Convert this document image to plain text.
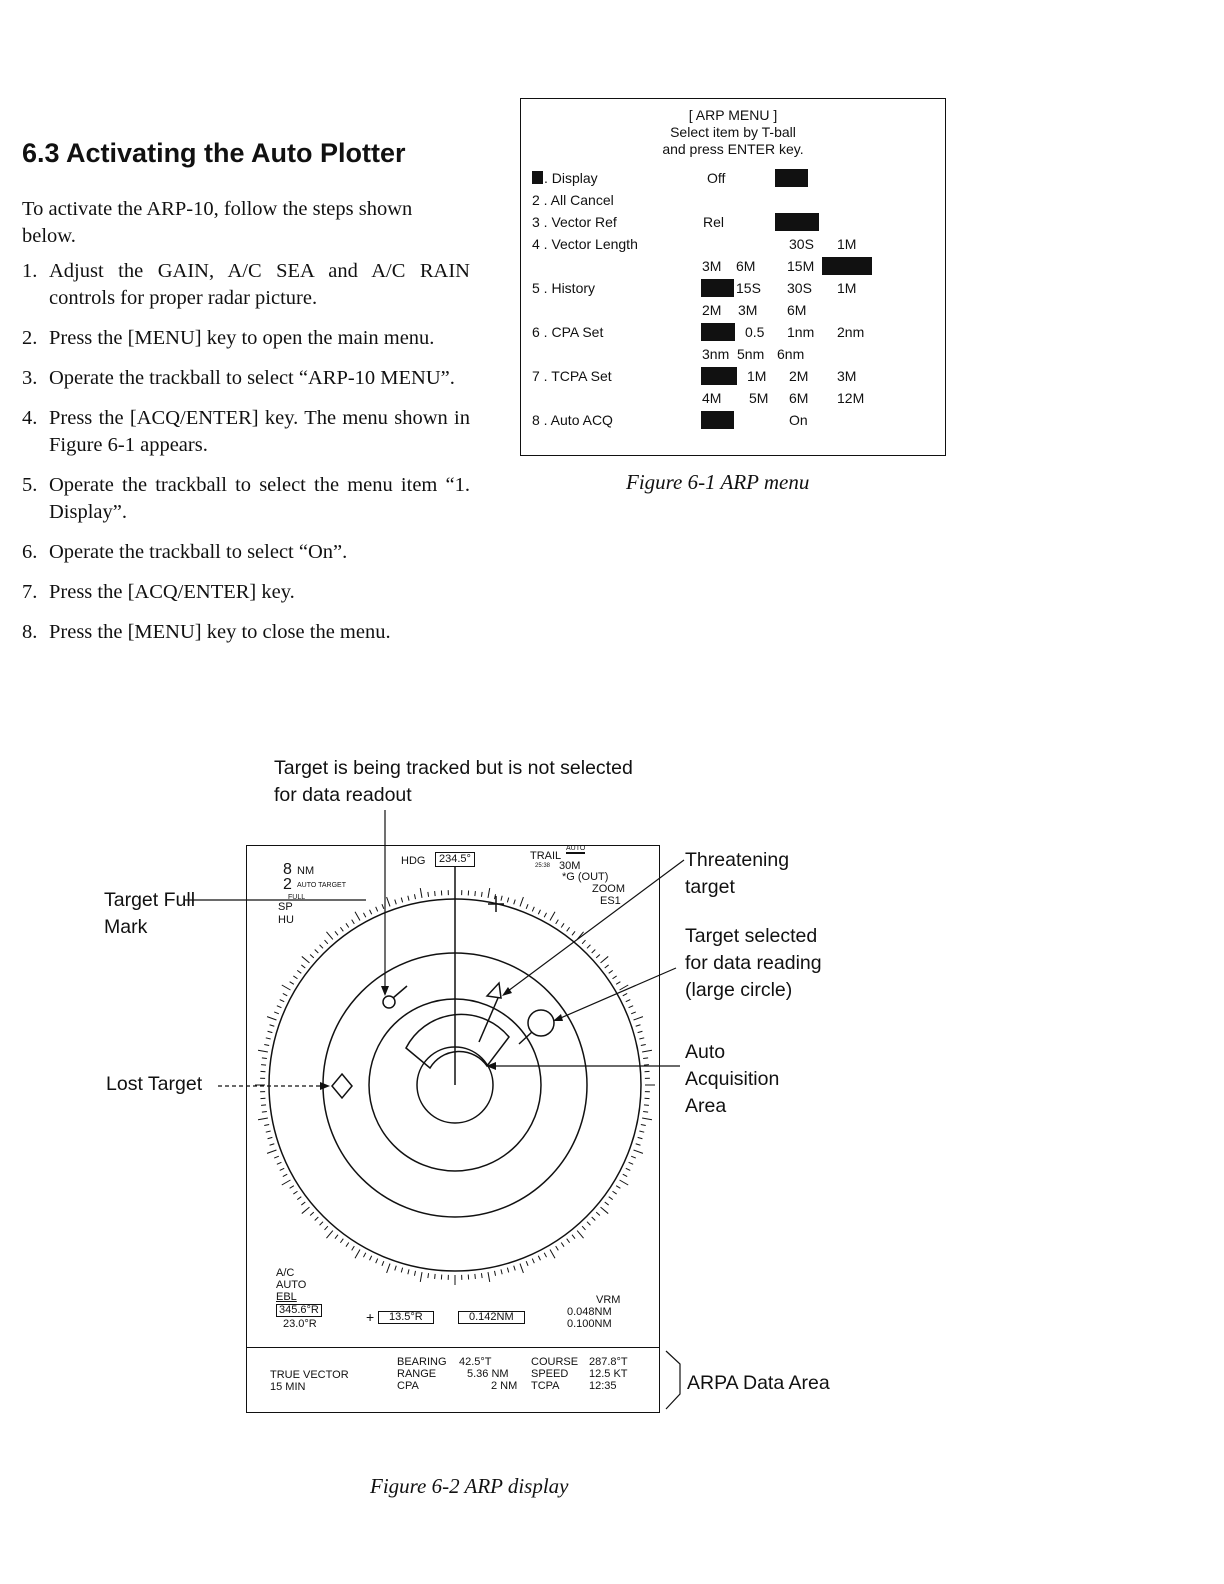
6.3 Activating the Auto Plotter
To activate the ARP-10, follow the steps shown below.
1. Adjust the GAIN, A/C SEA and A/C RAIN controls for proper radar picture.
2. Press the [MENU] key to open the main menu.
3. Operate the trackball to select “ARP-10 MENU”.
4. Press the [ACQ/ENTER] key. The menu shown in Figure 6-1 appears.
5. Operate the trackball to select the menu item “1. Display”.
6. Operate the trackball to select “On”.
7. Press the [ACQ/ENTER] key.
8. Press the [MENU] key to close the menu.
[ ARP MENU ]
Select item by T-ball
and press ENTER key.
. Display	Off
2 . All Cancel
3 . Vector Ref	Rel
4 . Vector Length	30S 1M
3M 6M 15M
5 . History	15S 30S 1M
2M 3M 6M
6 . CPA Set	0.5 1nm 2nm
3nm 5nm 6nm
7 . TCPA Set	1M 2M 3M
4M 5M 6M 12M
8 . Auto ACQ	On
Figure 6-1 ARP menu
Target is being tracked but is not selected
for data readout
Target Full
Mark
Lost Target
Threatening
target
Target selected
for data reading
(large circle)
Auto
Acquisition
Area
ARPA Data Area
8 NM
2 AUTO TARGET
FULL
SP
HU
HDG	234.5°	TRAIL
AUTO
25:38 30M
*G (OUT)
ZOOM
ES1
A/C
AUTO
EBL
345.6°R
23.0°R	+	13.5°R	0.142NM
VRM
0.048NM
0.100NM
TRUE VECTOR
15 MIN
BEARING 42.5°T
RANGE	5.36 NM
CPA	2 NM
COURSE 287.8°T
SPEED 12.5 KT
TCPA	12:35
Figure 6-2 ARP display
